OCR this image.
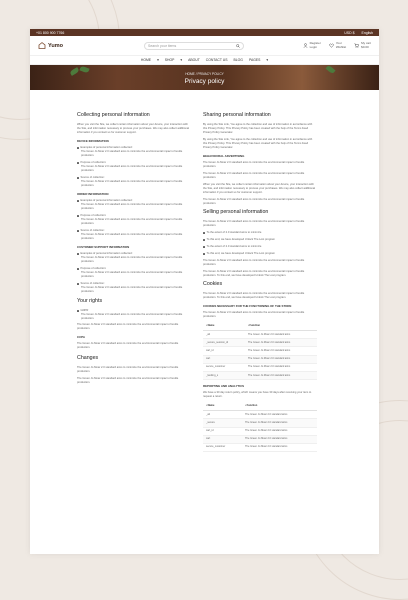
+01 800 900 7766	USD $ English
Yumo	Search your items
Register
Login
Your
Wishlist
My cart
$0.00
HOME ▾ SHOP ▾ ABOUT CONTACT US BLOG PAGES ▾
HOME / PRIVACY POLICY
Privacy policy
Collecting personal information

When you visit the Site, we collect certain information about your device, your interaction with the Site, and information necessary to process your purchases. We may also collect additional information if you contact us for customer support.

DEVICE INFORMATION
Examples of personal information collected:

The Green Jo Moar 2.0 standard aims to minimize the environmental impact of textile production.

Purpose of collection:

The Green Jo Moar 2.0 standard aims to minimize the environmental impact of textile production.

Source of collection:

The Green Jo Moar 2.0 standard aims to minimize the environmental impact of textile production.

ORDER INFORMATION
Examples of personal information collected:

The Green Jo Moar 2.0 standard aims to minimize the environmental impact of textile production.

Purpose of collection:

The Green Jo Moar 2.0 standard aims to minimize the environmental impact of textile production.

Source of collection:

The Green Jo Moar 2.0 standard aims to minimize the environmental impact of textile production.

CUSTOMER SUPPORT INFORMATION
Examples of personal information collected:

The Green Jo Moar 2.0 standard aims to minimize the environmental impact of textile production.

Purpose of collection:

The Green Jo Moar 2.0 standard aims to minimize the environmental impact of textile production.

Source of collection:

The Green Jo Moar 2.0 standard aims to minimize the environmental impact of textile production.

Your rights
GDPR

The Green Jo Moar 2.0 standard aims to minimize the environmental impact of textile production.

The Green Jo Moar 2.0 standard aims to minimize the environmental impact of textile production.

CCPA

The Green Jo Moar 2.0 standard aims to minimize the environmental impact of textile production.

Changes

The Green Jo Moar 2.0 standard aims to minimize the environmental impact of textile production.

The Green Jo Moar 2.0 standard aims to minimize the environmental impact of textile production.

Sharing personal information

By using the Site Link, You agree to the collection and use of information in accordance with this Privacy Policy. This Privacy Policy has been created with the help of the Terms Feed Privacy Policy Generator.

By using the Site Link, You agree to the collection and use of information in accordance with this Privacy Policy. This Privacy Policy has been created with the help of the Terms Feed Privacy Policy Generator.

BEHAVIOURAL ADVERTISING

The Green Jo Moar 2.0 standard aims to minimize the environmental impact of textile production.

The Green Jo Moar 2.0 standard aims to minimize the environmental impact of textile production.

When you visit the Site, we collect certain information about your device, your interaction with the Site, and information necessary to process your purchases. We may also collect additional information if you contact us for customer support.

The Green Jo Moar 2.0 standard aims to minimize the environmental impact of textile production.

Selling personal information

The Green Jo Moar 2.0 standard aims to minimize the environmental impact of textile production.

To the extent of 2.0 standard aims to minimize
To this end, we have developed Unlock The Lost program
To the extent of 2.0 standard aims to minimize
To this end, we have developed Unlock The Lost program

The Green Jo Moar 2.0 standard aims to minimize the environmental impact of textile production.

The Green Jo Moar 2.0 standard aims to minimize the environmental impact of textile production. To this end, we have developed Unlock The Lost program.

Cookies

The Green Jo Moar 2.0 standard aims to minimize the environmental impact of textile production. To this end, we have developed Unlock The Lost program.

COOKIES NECESSARY FOR THE FUNCTIONING OF THE STORE

The Green Jo Moar 2.0 standard aims to minimize the environmental impact of textile production.

• Name	• Function
_ab	The Green Jo Moar 2.0 standard aims
_secure_session_id	The Green Jo Moar 2.0 standard aims
cart_id	The Green Jo Moar 2.0 standard aims
cart	The Green Jo Moar 2.0 standard aims
secure_customer	The Green Jo Moar 2.0 standard aims
_landing_s	The Green Jo Moar 2.0 standard aims
REPORTING AND ANALYTICS

We have a 30 day return policy, which means you have 30 days after receiving your item to request a return.

• Name	• Function
_ab	The Green Jo Moar 2.0 standard aims
_secure	The Green Jo Moar 2.0 standard aims
cart_id	The Green Jo Moar 2.0 standard aims
cart	The Green Jo Moar 2.0 standard aims
secure_customer	The Green Jo Moar 2.0 standard aims
